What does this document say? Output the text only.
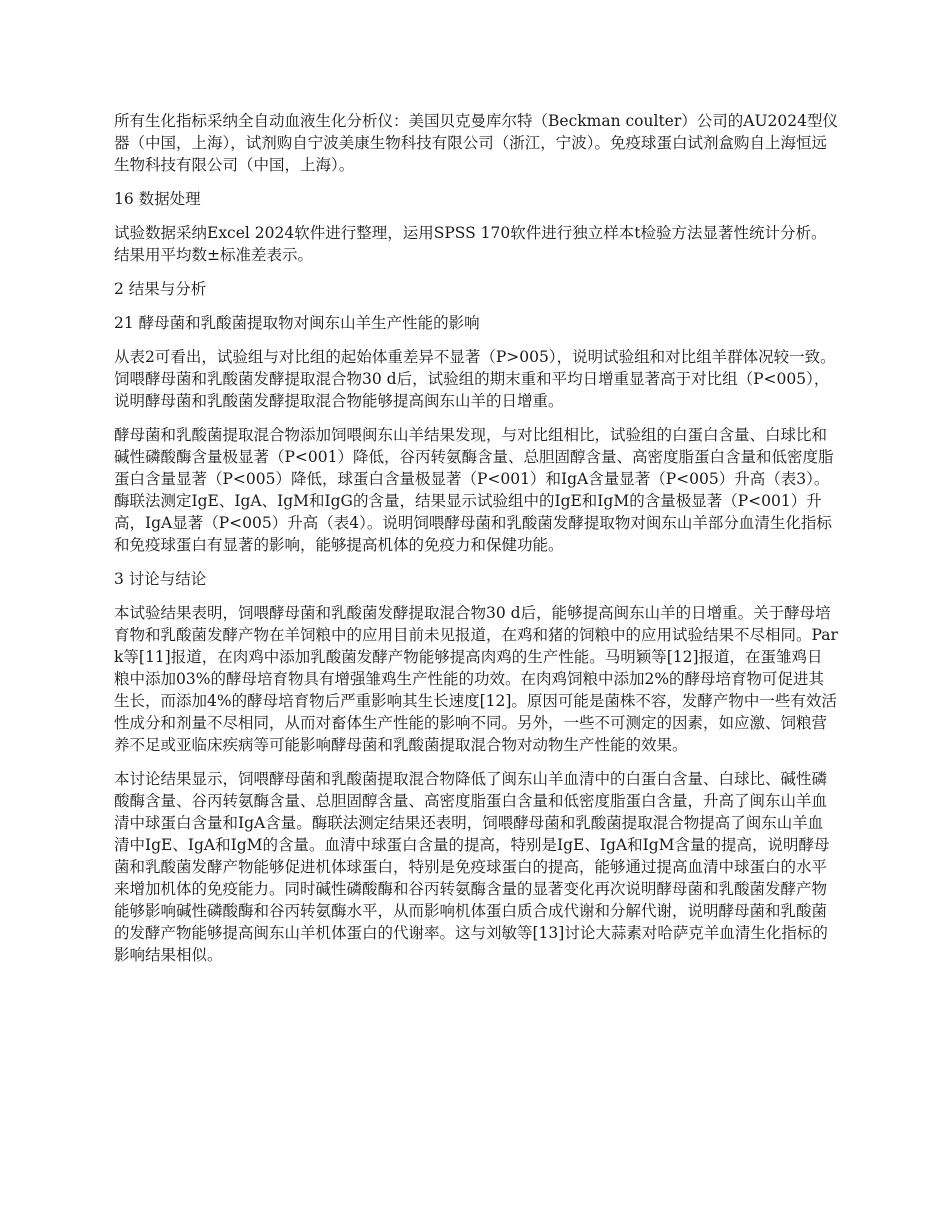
所有生化指标采纳全自动血液生化分析仪：美国贝克曼库尔特（Beckman coulter）公司的AU2024型仪器（中国，上海），试剂购自宁波美康生物科技有限公司（浙江，宁波）。免疫球蛋白试剂盒购自上海恒远生物科技有限公司（中国，上海）。

16 数据处理

试验数据采纳Excel 2024软件进行整理，运用SPSS 170软件进行独立样本t检验方法显著性统计分析。结果用平均数±标准差表示。

2 结果与分析

21 酵母菌和乳酸菌提取物对闽东山羊生产性能的影响

从表2可看出，试验组与对比组的起始体重差异不显著（P>005），说明试验组和对比组羊群体况较一致。饲喂酵母菌和乳酸菌发酵提取混合物30 d后，试验组的期末重和平均日增重显著高于对比组（P<005），说明酵母菌和乳酸菌发酵提取混合物能够提高闽东山羊的日增重。

酵母菌和乳酸菌提取混合物添加饲喂闽东山羊结果发现，与对比组相比，试验组的白蛋白含量、白球比和碱性磷酸酶含量极显著（P<001）降低，谷丙转氨酶含量、总胆固醇含量、高密度脂蛋白含量和低密度脂蛋白含量显著（P<005）降低，球蛋白含量极显著（P<001）和IgA含量显著（P<005）升高（表3）。酶联法测定IgE、IgA、IgM和IgG的含量，结果显示试验组中的IgE和IgM的含量极显著（P<001）升高，IgA显著（P<005）升高（表4）。说明饲喂酵母菌和乳酸菌发酵提取物对闽东山羊部分血清生化指标和免疫球蛋白有显著的影响，能够提高机体的免疫力和保健功能。

3 讨论与结论

本试验结果表明，饲喂酵母菌和乳酸菌发酵提取混合物30 d后，能够提高闽东山羊的日增重。关于酵母培育物和乳酸菌发酵产物在羊饲粮中的应用目前未见报道，在鸡和猪的饲粮中的应用试验结果不尽相同。Park等[11]报道，在肉鸡中添加乳酸菌发酵产物能够提高肉鸡的生产性能。马明颖等[12]报道，在蛋雏鸡日粮中添加03%的酵母培育物具有增强雏鸡生产性能的功效。在肉鸡饲粮中添加2%的酵母培育物可促进其生长，而添加4%的酵母培育物后严重影响其生长速度[12]。原因可能是菌株不容，发酵产物中一些有效活性成分和剂量不尽相同，从而对畜体生产性能的影响不同。另外，一些不可测定的因素，如应激、饲粮营养不足或亚临床疾病等可能影响酵母菌和乳酸菌提取混合物对动物生产性能的效果。

本讨论结果显示，饲喂酵母菌和乳酸菌提取混合物降低了闽东山羊血清中的白蛋白含量、白球比、碱性磷酸酶含量、谷丙转氨酶含量、总胆固醇含量、高密度脂蛋白含量和低密度脂蛋白含量，升高了闽东山羊血清中球蛋白含量和IgA含量。酶联法测定结果还表明，饲喂酵母菌和乳酸菌提取混合物提高了闽东山羊血清中IgE、IgA和IgM的含量。血清中球蛋白含量的提高，特别是IgE、IgA和IgM含量的提高，说明酵母菌和乳酸菌发酵产物能够促进机体球蛋白，特别是免疫球蛋白的提高，能够通过提高血清中球蛋白的水平来增加机体的免疫能力。同时碱性磷酸酶和谷丙转氨酶含量的显著变化再次说明酵母菌和乳酸菌发酵产物能够影响碱性磷酸酶和谷丙转氨酶水平，从而影响机体蛋白质合成代谢和分解代谢，说明酵母菌和乳酸菌的发酵产物能够提高闽东山羊机体蛋白的代谢率。这与刘敏等[13]讨论大蒜素对哈萨克羊血清生化指标的影响结果相似。
